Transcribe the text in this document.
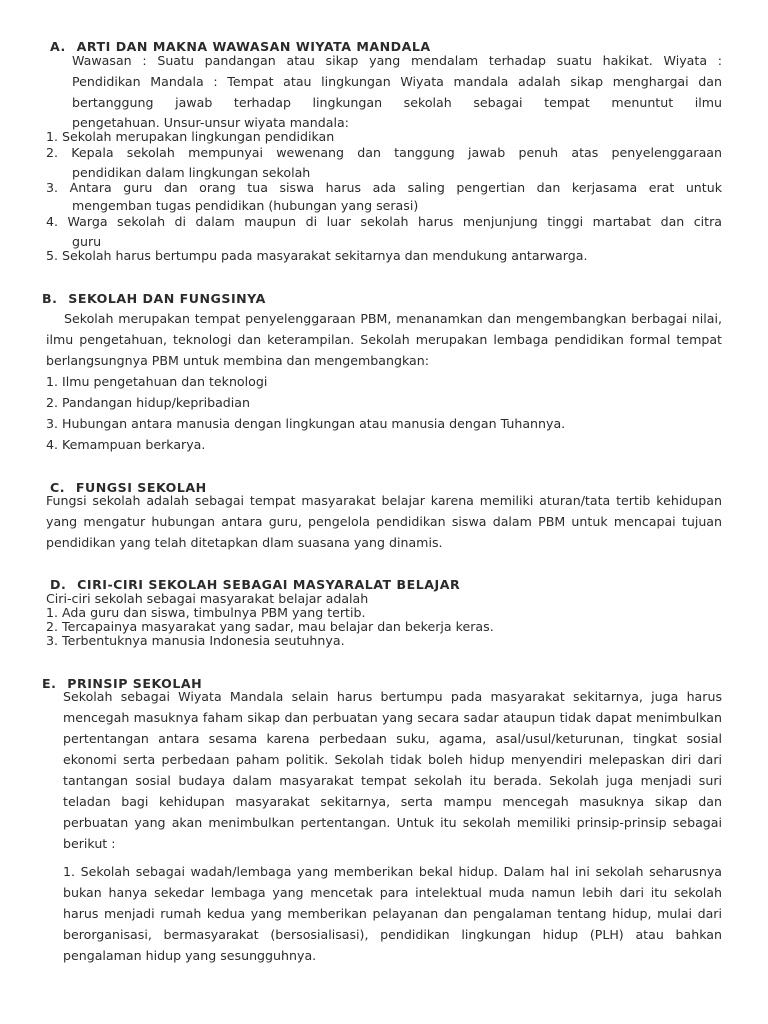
A. ARTI DAN MAKNA WAWASAN WIYATA MANDALA
Wawasan : Suatu pandangan atau sikap yang mendalam terhadap suatu hakikat. Wiyata :
Pendidikan Mandala : Tempat atau lingkungan Wiyata mandala adalah sikap menghargai dan
bertanggung jawab terhadap lingkungan sekolah sebagai tempat menuntut ilmu
pengetahuan. Unsur-unsur wiyata mandala:
1. Sekolah merupakan lingkungan pendidikan
2. Kepala sekolah mempunyai wewenang dan tanggung jawab penuh atas penyelenggaraan
pendidikan dalam lingkungan sekolah
3. Antara guru dan orang tua siswa harus ada saling pengertian dan kerjasama erat untuk
mengemban tugas pendidikan (hubungan yang serasi)
4. Warga sekolah di dalam maupun di luar sekolah harus menjunjung tinggi martabat dan citra
guru
5. Sekolah harus bertumpu pada masyarakat sekitarnya dan mendukung antarwarga.
B. SEKOLAH DAN FUNGSINYA
Sekolah merupakan tempat penyelenggaraan PBM, menanamkan dan mengembangkan berbagai nilai, ilmu pengetahuan, teknologi dan keterampilan. Sekolah merupakan lembaga pendidikan formal tempat berlangsungnya PBM untuk membina dan mengembangkan:
1. Ilmu pengetahuan dan teknologi
2. Pandangan hidup/kepribadian
3. Hubungan antara manusia dengan lingkungan atau manusia dengan Tuhannya.
4. Kemampuan berkarya.
C. FUNGSI SEKOLAH
Fungsi sekolah adalah sebagai tempat masyarakat belajar karena memiliki aturan/tata tertib kehidupan yang mengatur hubungan antara guru, pengelola pendidikan siswa dalam PBM untuk mencapai tujuan pendidikan yang telah ditetapkan dlam suasana yang dinamis.
D. CIRI-CIRI SEKOLAH SEBAGAI MASYARALAT BELAJAR
Ciri-ciri sekolah sebagai masyarakat belajar adalah
1. Ada guru dan siswa, timbulnya PBM yang tertib.
2. Tercapainya masyarakat yang sadar, mau belajar dan bekerja keras.
3. Terbentuknya manusia Indonesia seutuhnya.
E. PRINSIP SEKOLAH
Sekolah sebagai Wiyata Mandala selain harus bertumpu pada masyarakat sekitarnya, juga harus mencegah masuknya faham sikap dan perbuatan yang secara sadar ataupun tidak dapat menimbulkan pertentangan antara sesama karena perbedaan suku, agama, asal/usul/keturunan, tingkat sosial ekonomi serta perbedaan paham politik. Sekolah tidak boleh hidup menyendiri melepaskan diri dari tantangan sosial budaya dalam masyarakat tempat sekolah itu berada. Sekolah juga menjadi suri teladan bagi kehidupan masyarakat sekitarnya, serta mampu mencegah masuknya sikap dan perbuatan yang akan menimbulkan pertentangan. Untuk itu sekolah memiliki prinsip-prinsip sebagai berikut :
1. Sekolah sebagai wadah/lembaga yang memberikan bekal hidup. Dalam hal ini sekolah seharusnya bukan hanya sekedar lembaga yang mencetak para intelektual muda namun lebih dari itu sekolah harus menjadi rumah kedua yang memberikan pelayanan dan pengalaman tentang hidup, mulai dari berorganisasi, bermasyarakat (bersosialisasi), pendidikan lingkungan hidup (PLH) atau bahkan pengalaman hidup yang sesungguhnya.
